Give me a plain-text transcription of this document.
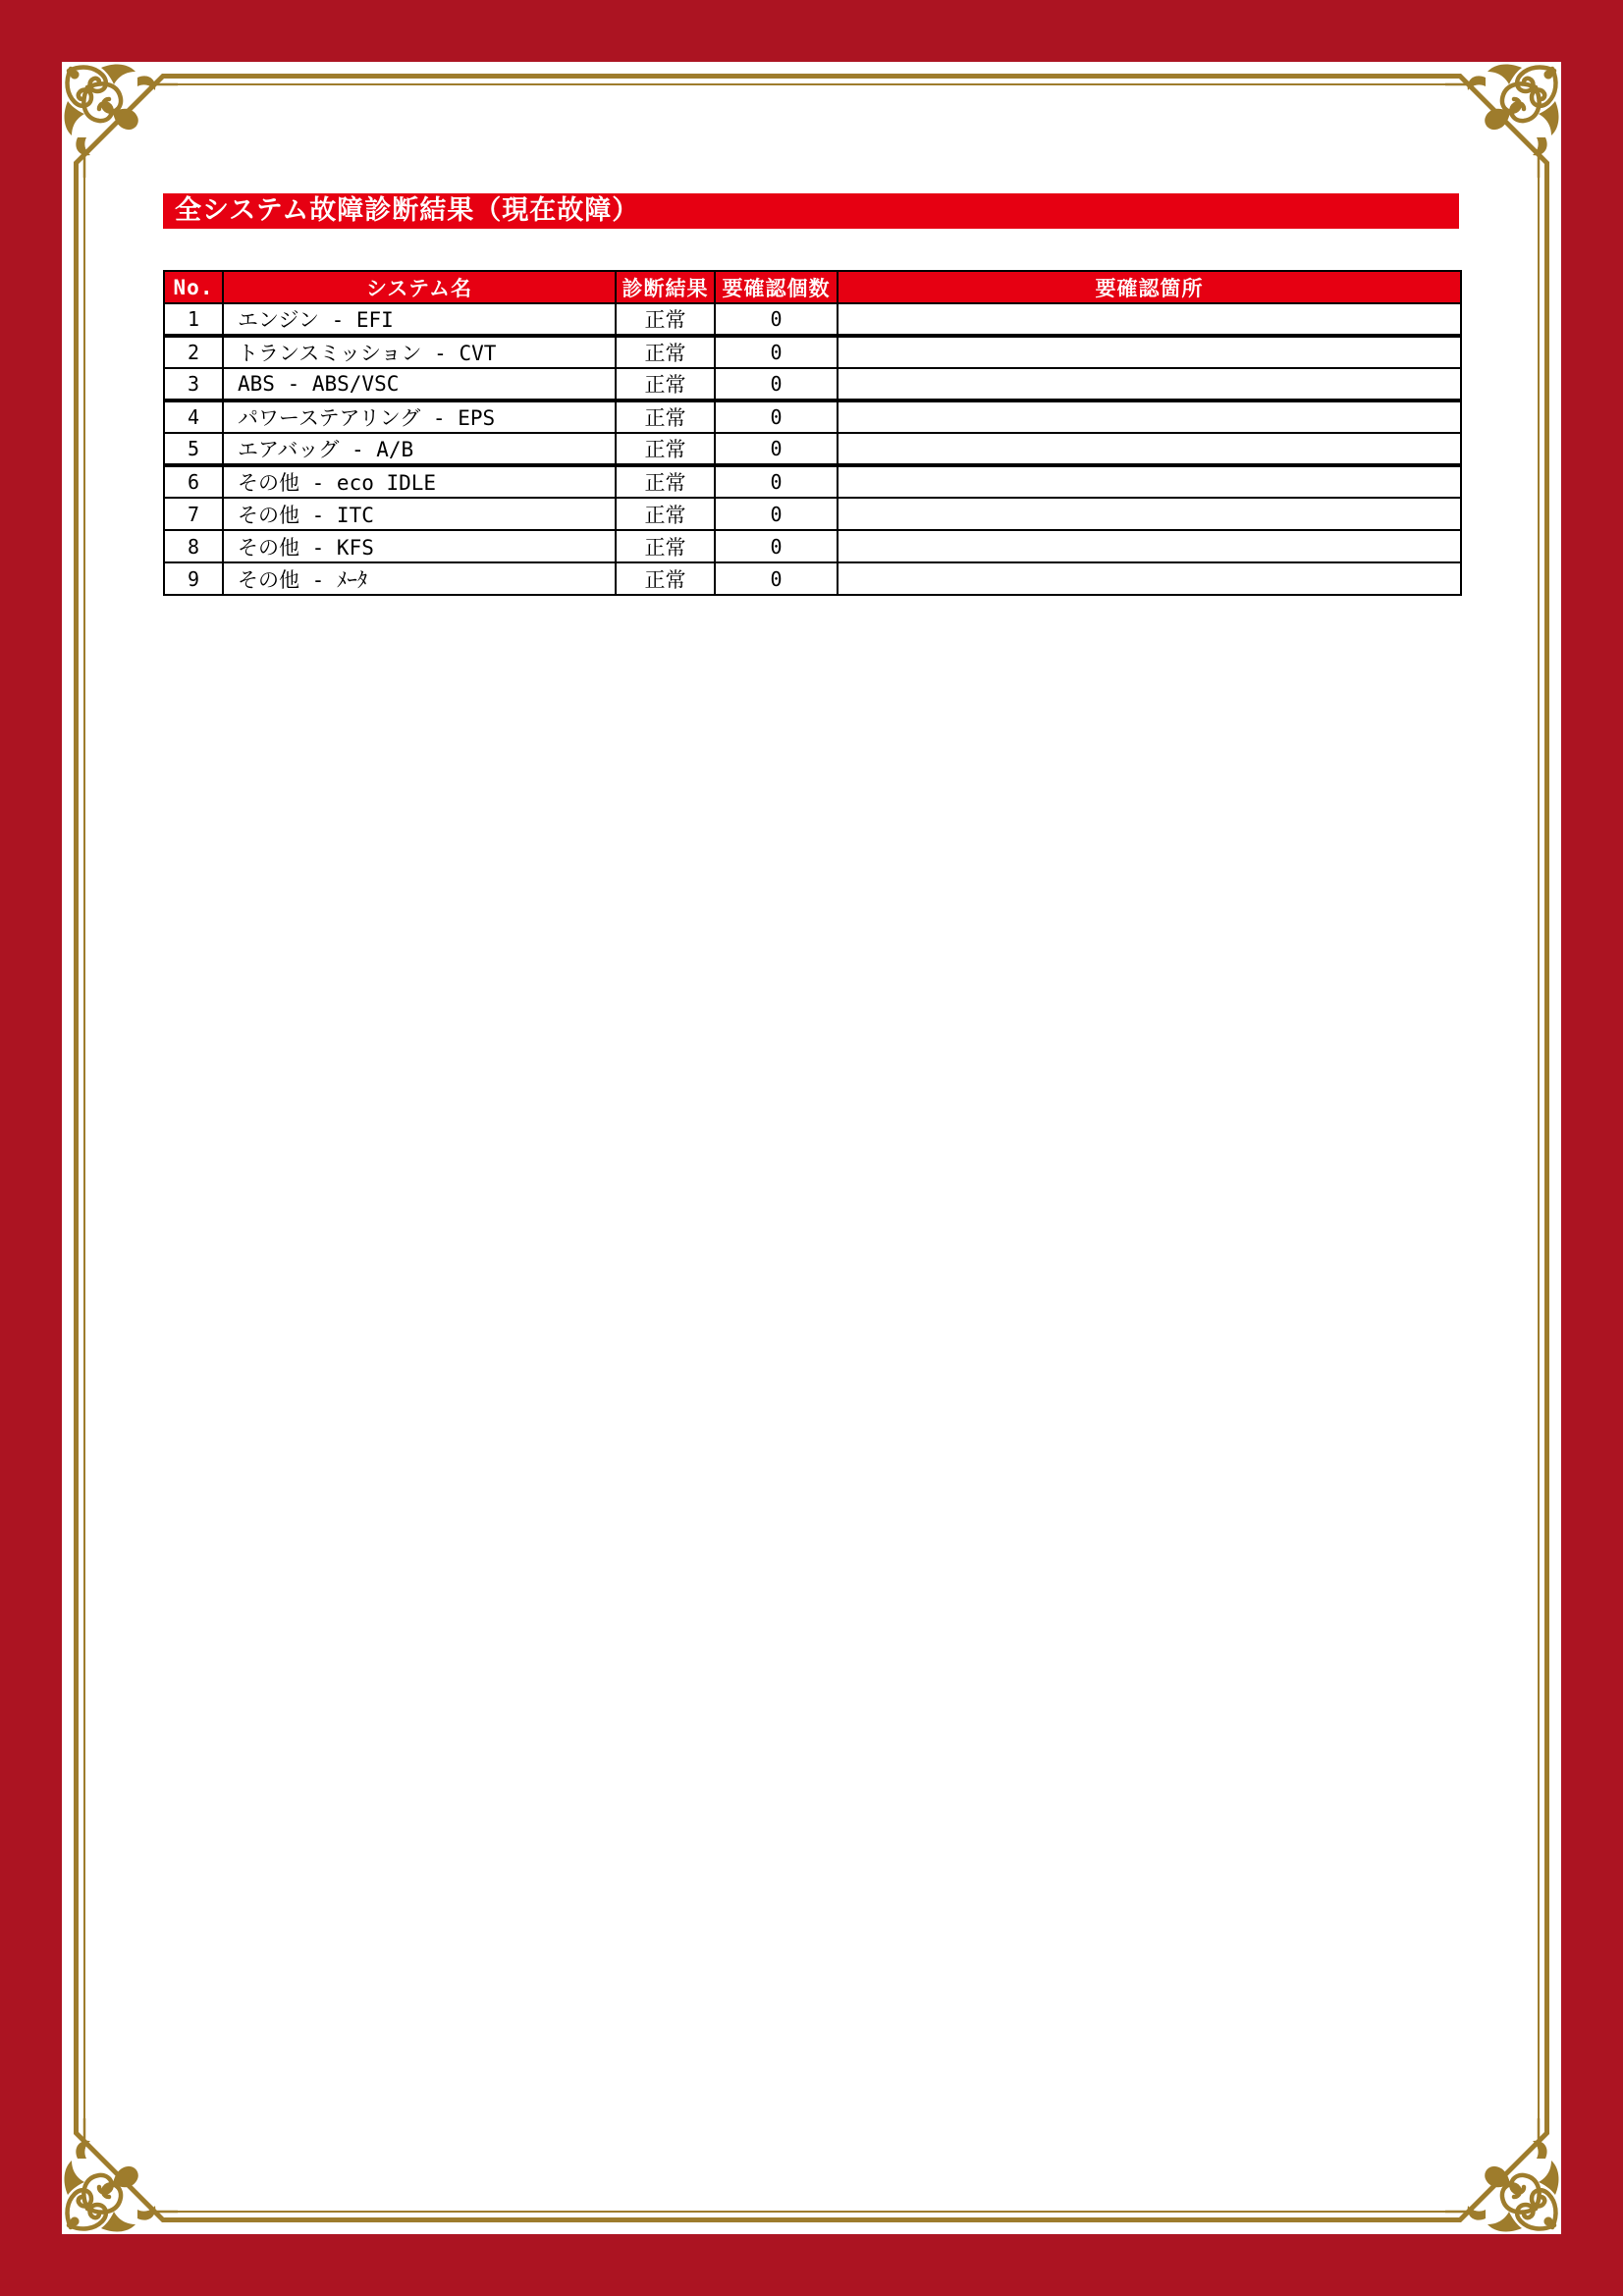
全システム故障診断結果（現在故障）
No.	システム名	診断結果	要確認個数	要確認箇所
1	エンジン - EFI	正常	0	
2	トランスミッション - CVT	正常	0	
3	ABS - ABS/VSC	正常	0	
4	パワーステアリング - EPS	正常	0	
5	エアバッグ - A/B	正常	0	
6	その他 - eco IDLE	正常	0	
7	その他 - ITC	正常	0	
8	その他 - KFS	正常	0	
9	その他 - ﾒｰﾀ	正常	0	
